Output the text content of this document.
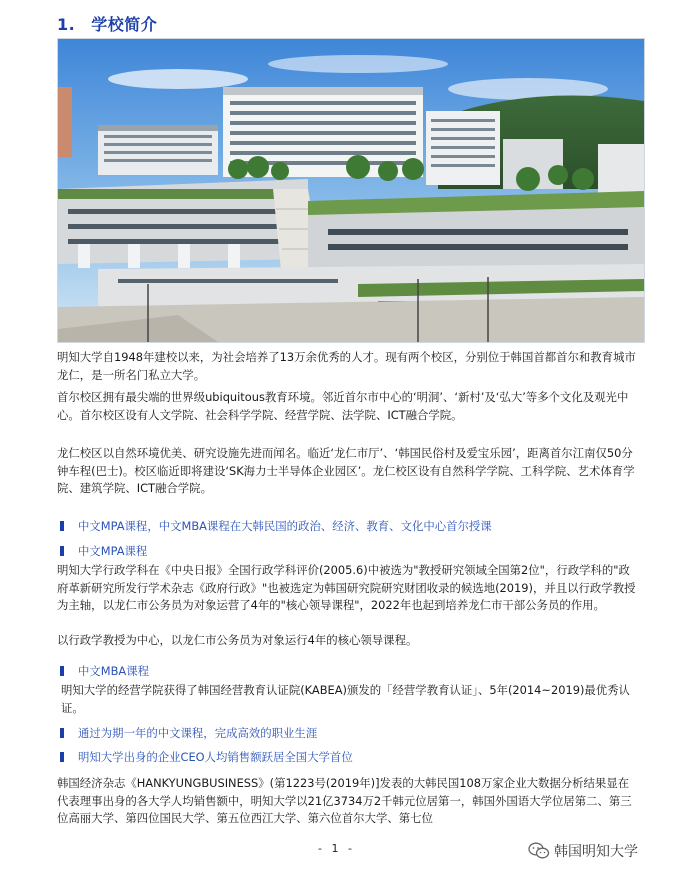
1. 学校简介

明知大学自1948年建校以来，为社会培养了13万余优秀的人才。现有两个校区，分别位于韩国首都首尔和教育城市龙仁，是一所名门私立大学。

首尔校区拥有最尖端的世界级ubiquitous教育环境。邻近首尔市中心的‘明洞’、‘新村’及‘弘大’等多个文化及观光中心。首尔校区设有人文学院、社会科学学院、经营学院、法学院、ICT融合学院。

龙仁校区以自然环境优美、研究设施先进而闻名。临近‘龙仁市厅’、‘韩国民俗村及爱宝乐园’，距离首尔江南仅50分钟车程(巴士)。校区临近即将建设‘SK海力士半导体企业园区’。龙仁校区设有自然科学学院、工科学院、艺术体育学院、建筑学院、ICT融合学院。

中文MPA课程，中文MBA课程在大韩民国的政治、经济、教育、文化中心首尔授课
中文MPA课程

明知大学行政学科在《中央日报》全国行政学科评价(2005.6)中被选为"教授研究领域全国第2位"，行政学科的"政府革新研究所发行学术杂志《政府行政》"也被选定为韩国研究院研究财团收录的候选地(2019)，并且以行政学教授为主轴，以龙仁市公务员为对象运营了4年的"核心领导课程"，2022年也起到培养龙仁市干部公务员的作用。

以行政学教授为中心，以龙仁市公务员为对象运行4年的核心领导课程。

中文MBA课程

明知大学的经营学院获得了韩国经营教育认证院(KABEA)颁发的「经营学教育认证」、5年(2014~2019)最优秀认证。

通过为期一年的中文课程，完成高效的职业生涯
明知大学出身的企业CEO人均销售额跃居全国大学首位

韩国经济杂志《HANKYUNGBUSINESS》(第1223号(2019年)]发表的大韩民国108万家企业大数据分析结果显在代表理事出身的各大学人均销售额中，明知大学以21亿3734万2千韩元位居第一，韩国外国语大学位居第二、第三位高丽大学、第四位国民大学、第五位西江大学、第六位首尔大学、第七位

- 1 -	韩国明知大学
